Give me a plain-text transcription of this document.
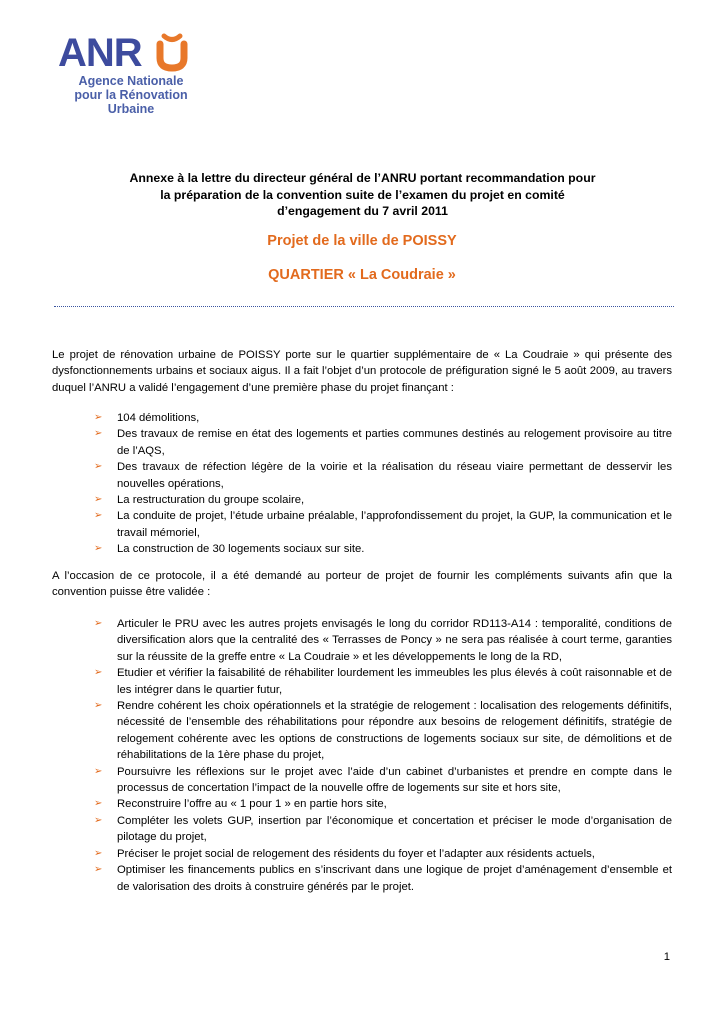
ANR
Agence Nationale
pour la Rénovation
Urbaine
Annexe à la lettre du directeur général de l’ANRU portant recommandation pour
la préparation de la convention suite de l’examen du projet en comité
d’engagement du 7 avril 2011
Projet de la ville de POISSY
QUARTIER « La Coudraie »
Le projet de rénovation urbaine de POISSY porte sur le quartier supplémentaire de « La Coudraie » qui présente des dysfonctionnements urbains et sociaux aigus. Il a fait l’objet d’un protocole de préfiguration signé le 5 août 2009, au travers duquel l’ANRU a validé l’engagement d’une première phase du projet finançant :
➢ 104 démolitions,
➢ Des travaux de remise en état des logements et parties communes destinés au relogement provisoire au titre de l’AQS,
➢ Des travaux de réfection légère de la voirie et la réalisation du réseau viaire permettant de desservir les nouvelles opérations,
➢ La restructuration du groupe scolaire,
➢ La conduite de projet, l’étude urbaine préalable, l’approfondissement du projet, la GUP, la communication et le travail mémoriel,
➢ La construction de 30 logements sociaux sur site.
A l’occasion de ce protocole, il a été demandé au porteur de projet de fournir les compléments suivants afin que la convention puisse être validée :
➢ Articuler le PRU avec les autres projets envisagés le long du corridor RD113-A14 : temporalité, conditions de diversification alors que la centralité des « Terrasses de Poncy » ne sera pas réalisée à court terme, garanties sur la réussite de la greffe entre « La Coudraie » et les développements le long de la RD,
➢ Etudier et vérifier la faisabilité de réhabiliter lourdement les immeubles les plus élevés à coût raisonnable et de les intégrer dans le quartier futur,
➢ Rendre cohérent les choix opérationnels et la stratégie de relogement : localisation des relogements définitifs, nécessité de l’ensemble des réhabilitations pour répondre aux besoins de relogement définitifs, stratégie de relogement cohérente avec les options de constructions de logements sociaux sur site, de démolitions et de réhabilitations de la 1ère phase du projet,
➢ Poursuivre les réflexions sur le projet avec l’aide d’un cabinet d’urbanistes et prendre en compte dans le processus de concertation l’impact de la nouvelle offre de logements sur site et hors site,
➢ Reconstruire l’offre au « 1 pour 1 » en partie hors site,
➢ Compléter les volets GUP, insertion par l’économique et concertation et préciser le mode d’organisation de pilotage du projet,
➢ Préciser le projet social de relogement des résidents du foyer et l’adapter aux résidents actuels,
➢ Optimiser les financements publics en s’inscrivant dans une logique de projet d’aménagement d’ensemble et de valorisation des droits à construire générés par le projet.
1
